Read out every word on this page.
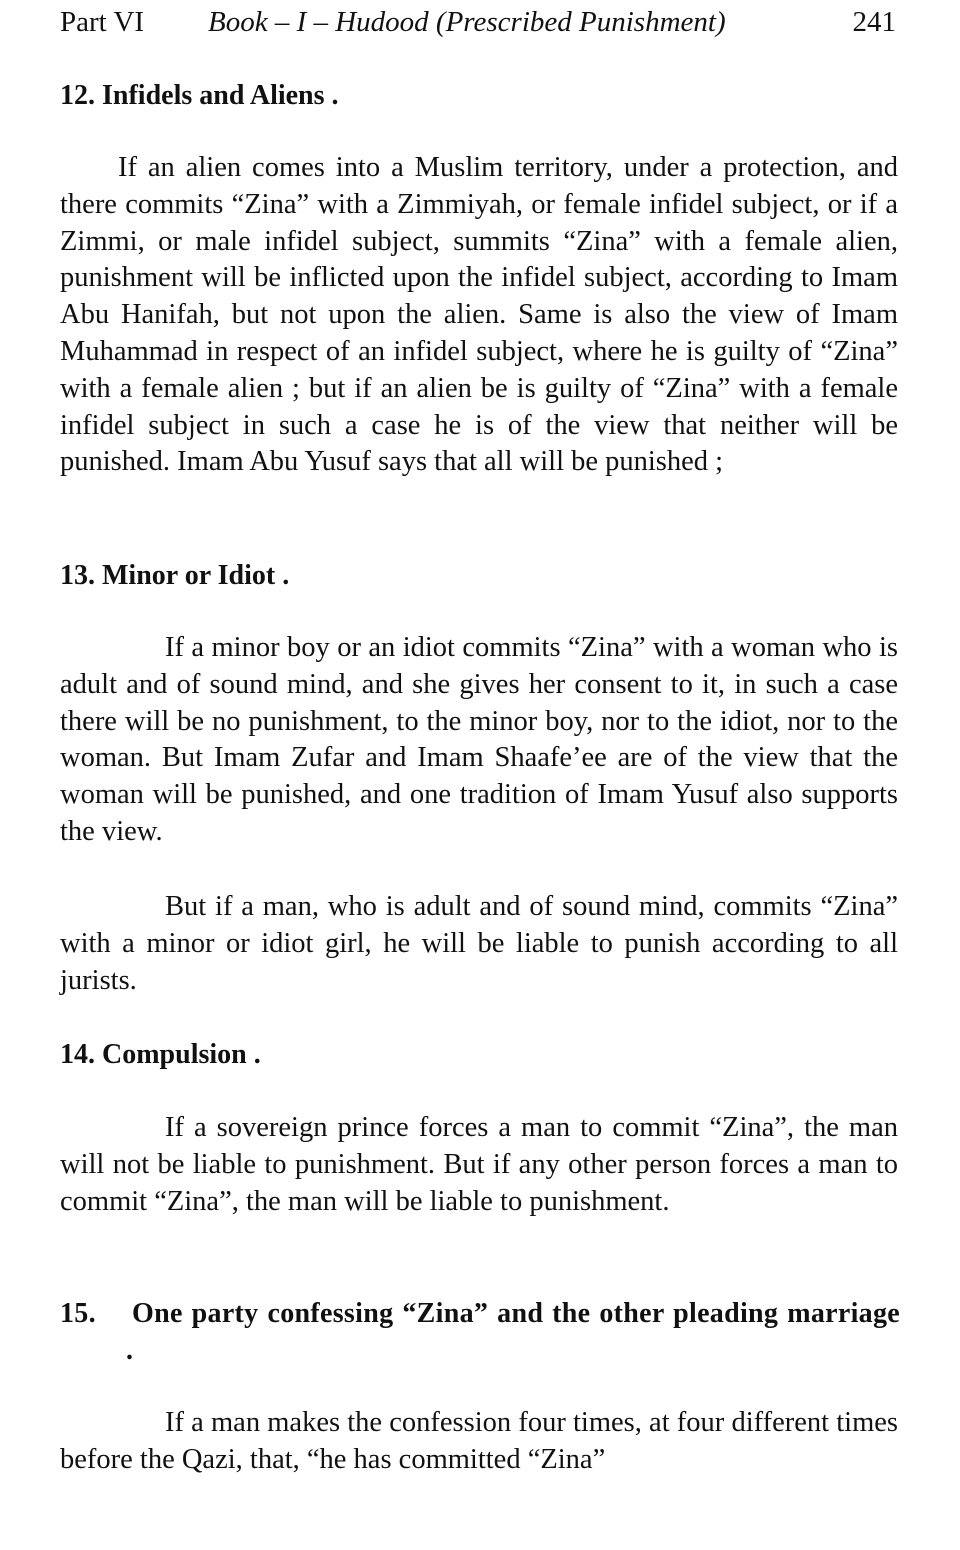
Part VI Book – I – Hudood (Prescribed Punishment)	241
12. Infidels and Aliens .

If an alien comes into a Muslim territory, under a protection, and there commits “Zina” with a Zimmiyah, or female infidel subject, or if a Zimmi, or male infidel subject, summits “Zina” with a female alien, punishment will be inflicted upon the infidel subject, according to Imam Abu Hanifah, but not upon the alien. Same is also the view of Imam Muhammad in respect of an infidel subject, where he is guilty of “Zina” with a female alien ; but if an alien be is guilty of “Zina” with a female infidel subject in such a case he is of the view that neither will be punished. Imam Abu Yusuf says that all will be punished ;

13. Minor or Idiot .

If a minor boy or an idiot commits “Zina” with a woman who is adult and of sound mind, and she gives her consent to it, in such a case there will be no punishment, to the minor boy, nor to the idiot, nor to the woman. But Imam Zufar and Imam Shaafe’ee are of the view that the woman will be punished, and one tradition of Imam Yusuf also supports the view.

But if a man, who is adult and of sound mind, commits “Zina” with a minor or idiot girl, he will be liable to punish according to all jurists.

14. Compulsion .

If a sovereign prince forces a man to commit “Zina”, the man will not be liable to punishment. But if any other person forces a man to commit “Zina”, the man will be liable to punishment.

15. One party confessing “Zina” and the other pleading marriage .

If a man makes the confession four times, at four different times before the Qazi, that, “he has committed “Zina”
